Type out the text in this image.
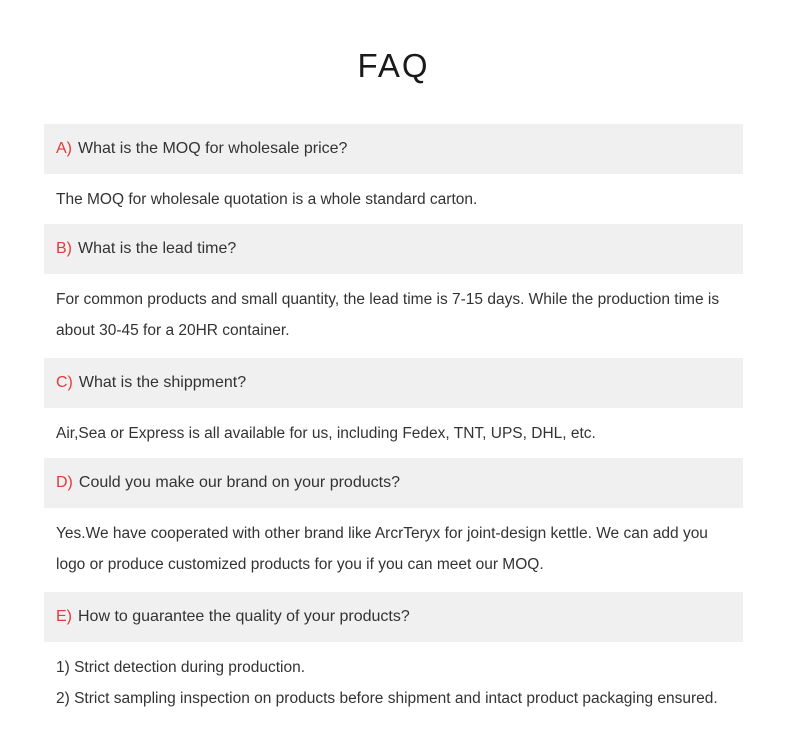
FAQ
A) What is the MOQ for wholesale price?
The MOQ for wholesale quotation is a whole standard carton.
B) What is the lead time?
For common products and small quantity, the lead time is 7-15 days. While the production time is about 30-45 for a 20HR container.
C) What is the shippment?
Air,Sea or Express is all available for us, including Fedex, TNT, UPS, DHL, etc.
D) Could you make our brand on your products?
Yes.We have cooperated with other brand like ArcrTeryx for joint-design kettle. We can add you logo or produce customized products for you if you can meet our MOQ.
E) How to guarantee the quality of your products?
1) Strict detection during production.
2) Strict sampling inspection on products before shipment and intact product packaging ensured.
